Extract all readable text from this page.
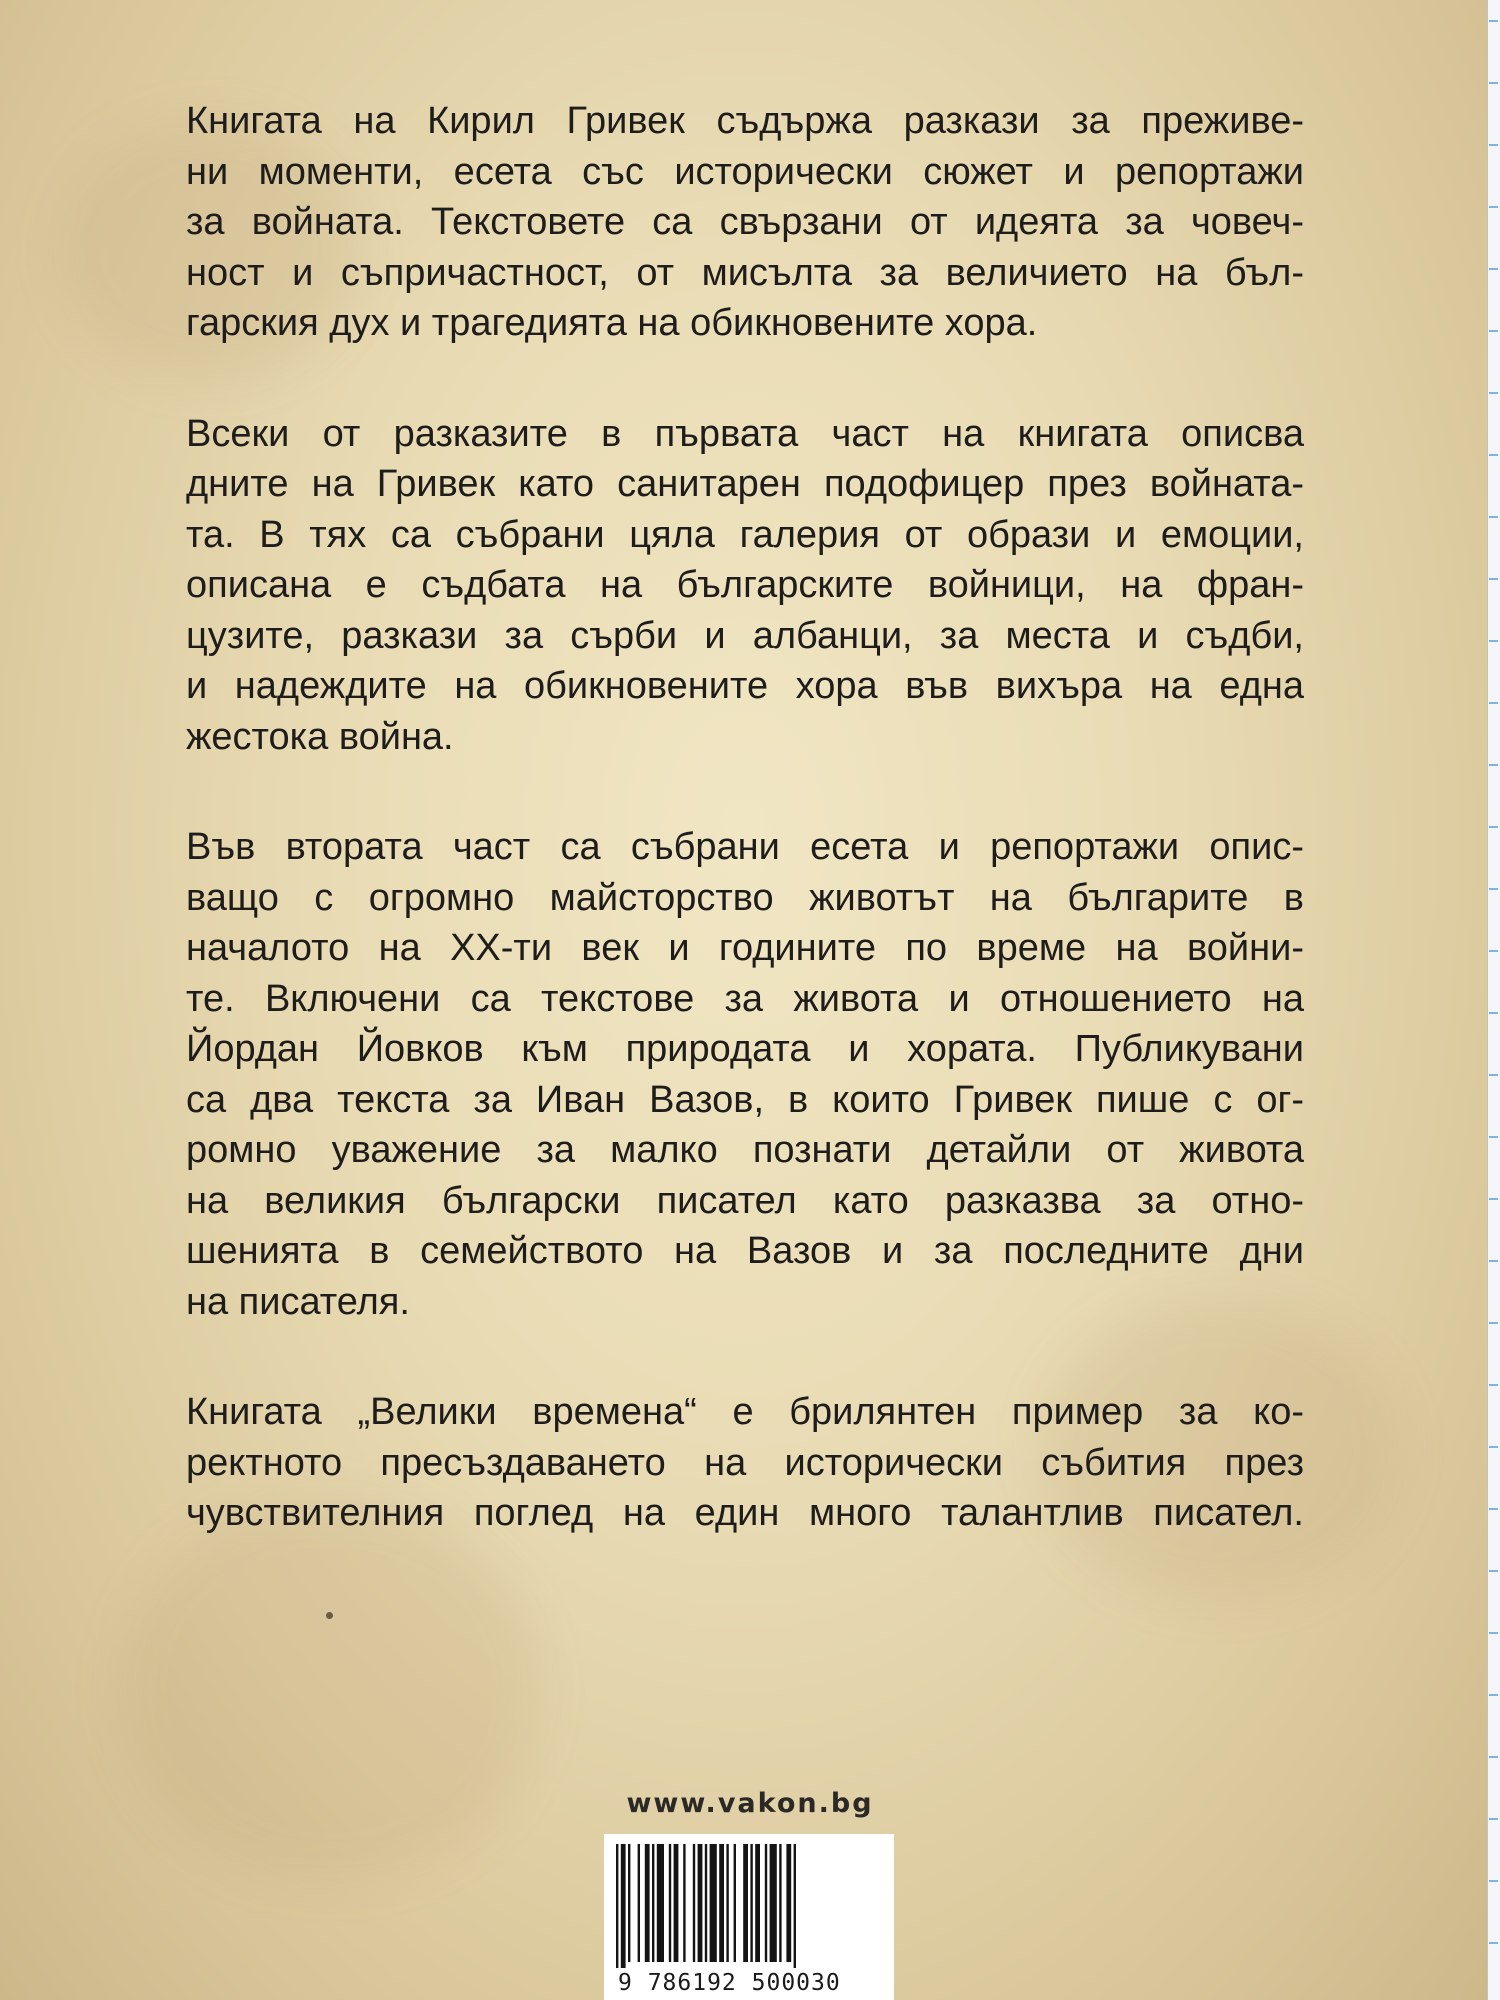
Книгата на Кирил Гривек съдържа разкази за преживе-
ни моменти, есета със исторически сюжет и репортажи
за войната. Текстовете са свързани от идеята за човеч-
ност и съпричастност, от мисълта за величието на бъл-
гарския дух и трагедията на обикновените хора.
Всеки от разказите в първата част на книгата описва
дните на Гривек като санитарен подофицер през войната-
та. В тях са събрани цяла галерия от образи и емоции,
описана е съдбата на българските войници, на фран-
цузите, разкази за сърби и албанци, за места и съдби,
и надеждите на обикновените хора във вихъра на една
жестока война.
Във втората част са събрани есета и репортажи опис-
ващо с огромно майсторство животът на българите в
началото на XX-ти век и годините по време на войни-
те. Включени са текстове за живота и отношението на
Йордан Йовков към природата и хората. Публикувани
са два текста за Иван Вазов, в които Гривек пише с ог-
ромно уважение за малко познати детайли от живота
на великия български писател като разказва за отно-
шенията в семейството на Вазов и за последните дни
на писателя.
Книгата „Велики времена“ е брилянтен пример за ко-
ректното пресъздаването на исторически събития през
чувствителния поглед на един много талантлив писател.
www.vakon.bg
9 786192 500030
